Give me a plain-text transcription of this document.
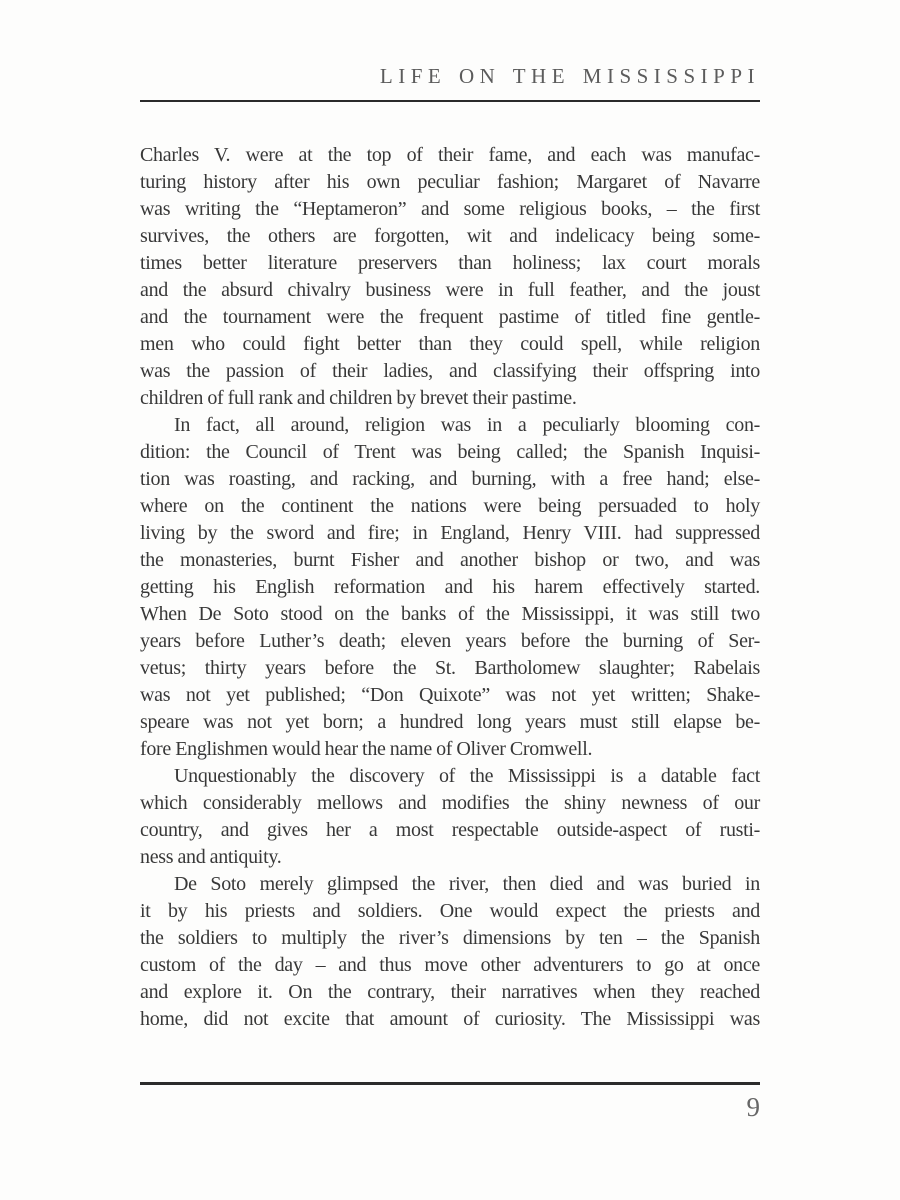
LIFE ON THE MISSISSIPPI
Charles V. were at the top of their fame, and each was manufac-
turing history after his own peculiar fashion; Margaret of Navarre
was writing the “Heptameron” and some religious books, – the first
survives, the others are forgotten, wit and indelicacy being some-
times better literature preservers than holiness; lax court morals
and the absurd chivalry business were in full feather, and the joust
and the tournament were the frequent pastime of titled fine gentle-
men who could fight better than they could spell, while religion
was the passion of their ladies, and classifying their offspring into
children of full rank and children by brevet their pastime.
In fact, all around, religion was in a peculiarly blooming con-
dition: the Council of Trent was being called; the Spanish Inquisi-
tion was roasting, and racking, and burning, with a free hand; else-
where on the continent the nations were being persuaded to holy
living by the sword and fire; in England, Henry VIII. had suppressed
the monasteries, burnt Fisher and another bishop or two, and was
getting his English reformation and his harem effectively started.
When De Soto stood on the banks of the Mississippi, it was still two
years before Luther’s death; eleven years before the burning of Ser-
vetus; thirty years before the St. Bartholomew slaughter; Rabelais
was not yet published; “Don Quixote” was not yet written; Shake-
speare was not yet born; a hundred long years must still elapse be-
fore Englishmen would hear the name of Oliver Cromwell.
Unquestionably the discovery of the Mississippi is a datable fact
which considerably mellows and modifies the shiny newness of our
country, and gives her a most respectable outside-aspect of rusti-
ness and antiquity.
De Soto merely glimpsed the river, then died and was buried in
it by his priests and soldiers. One would expect the priests and
the soldiers to multiply the river’s dimensions by ten – the Spanish
custom of the day – and thus move other adventurers to go at once
and explore it. On the contrary, their narratives when they reached
home, did not excite that amount of curiosity. The Mississippi was
9
